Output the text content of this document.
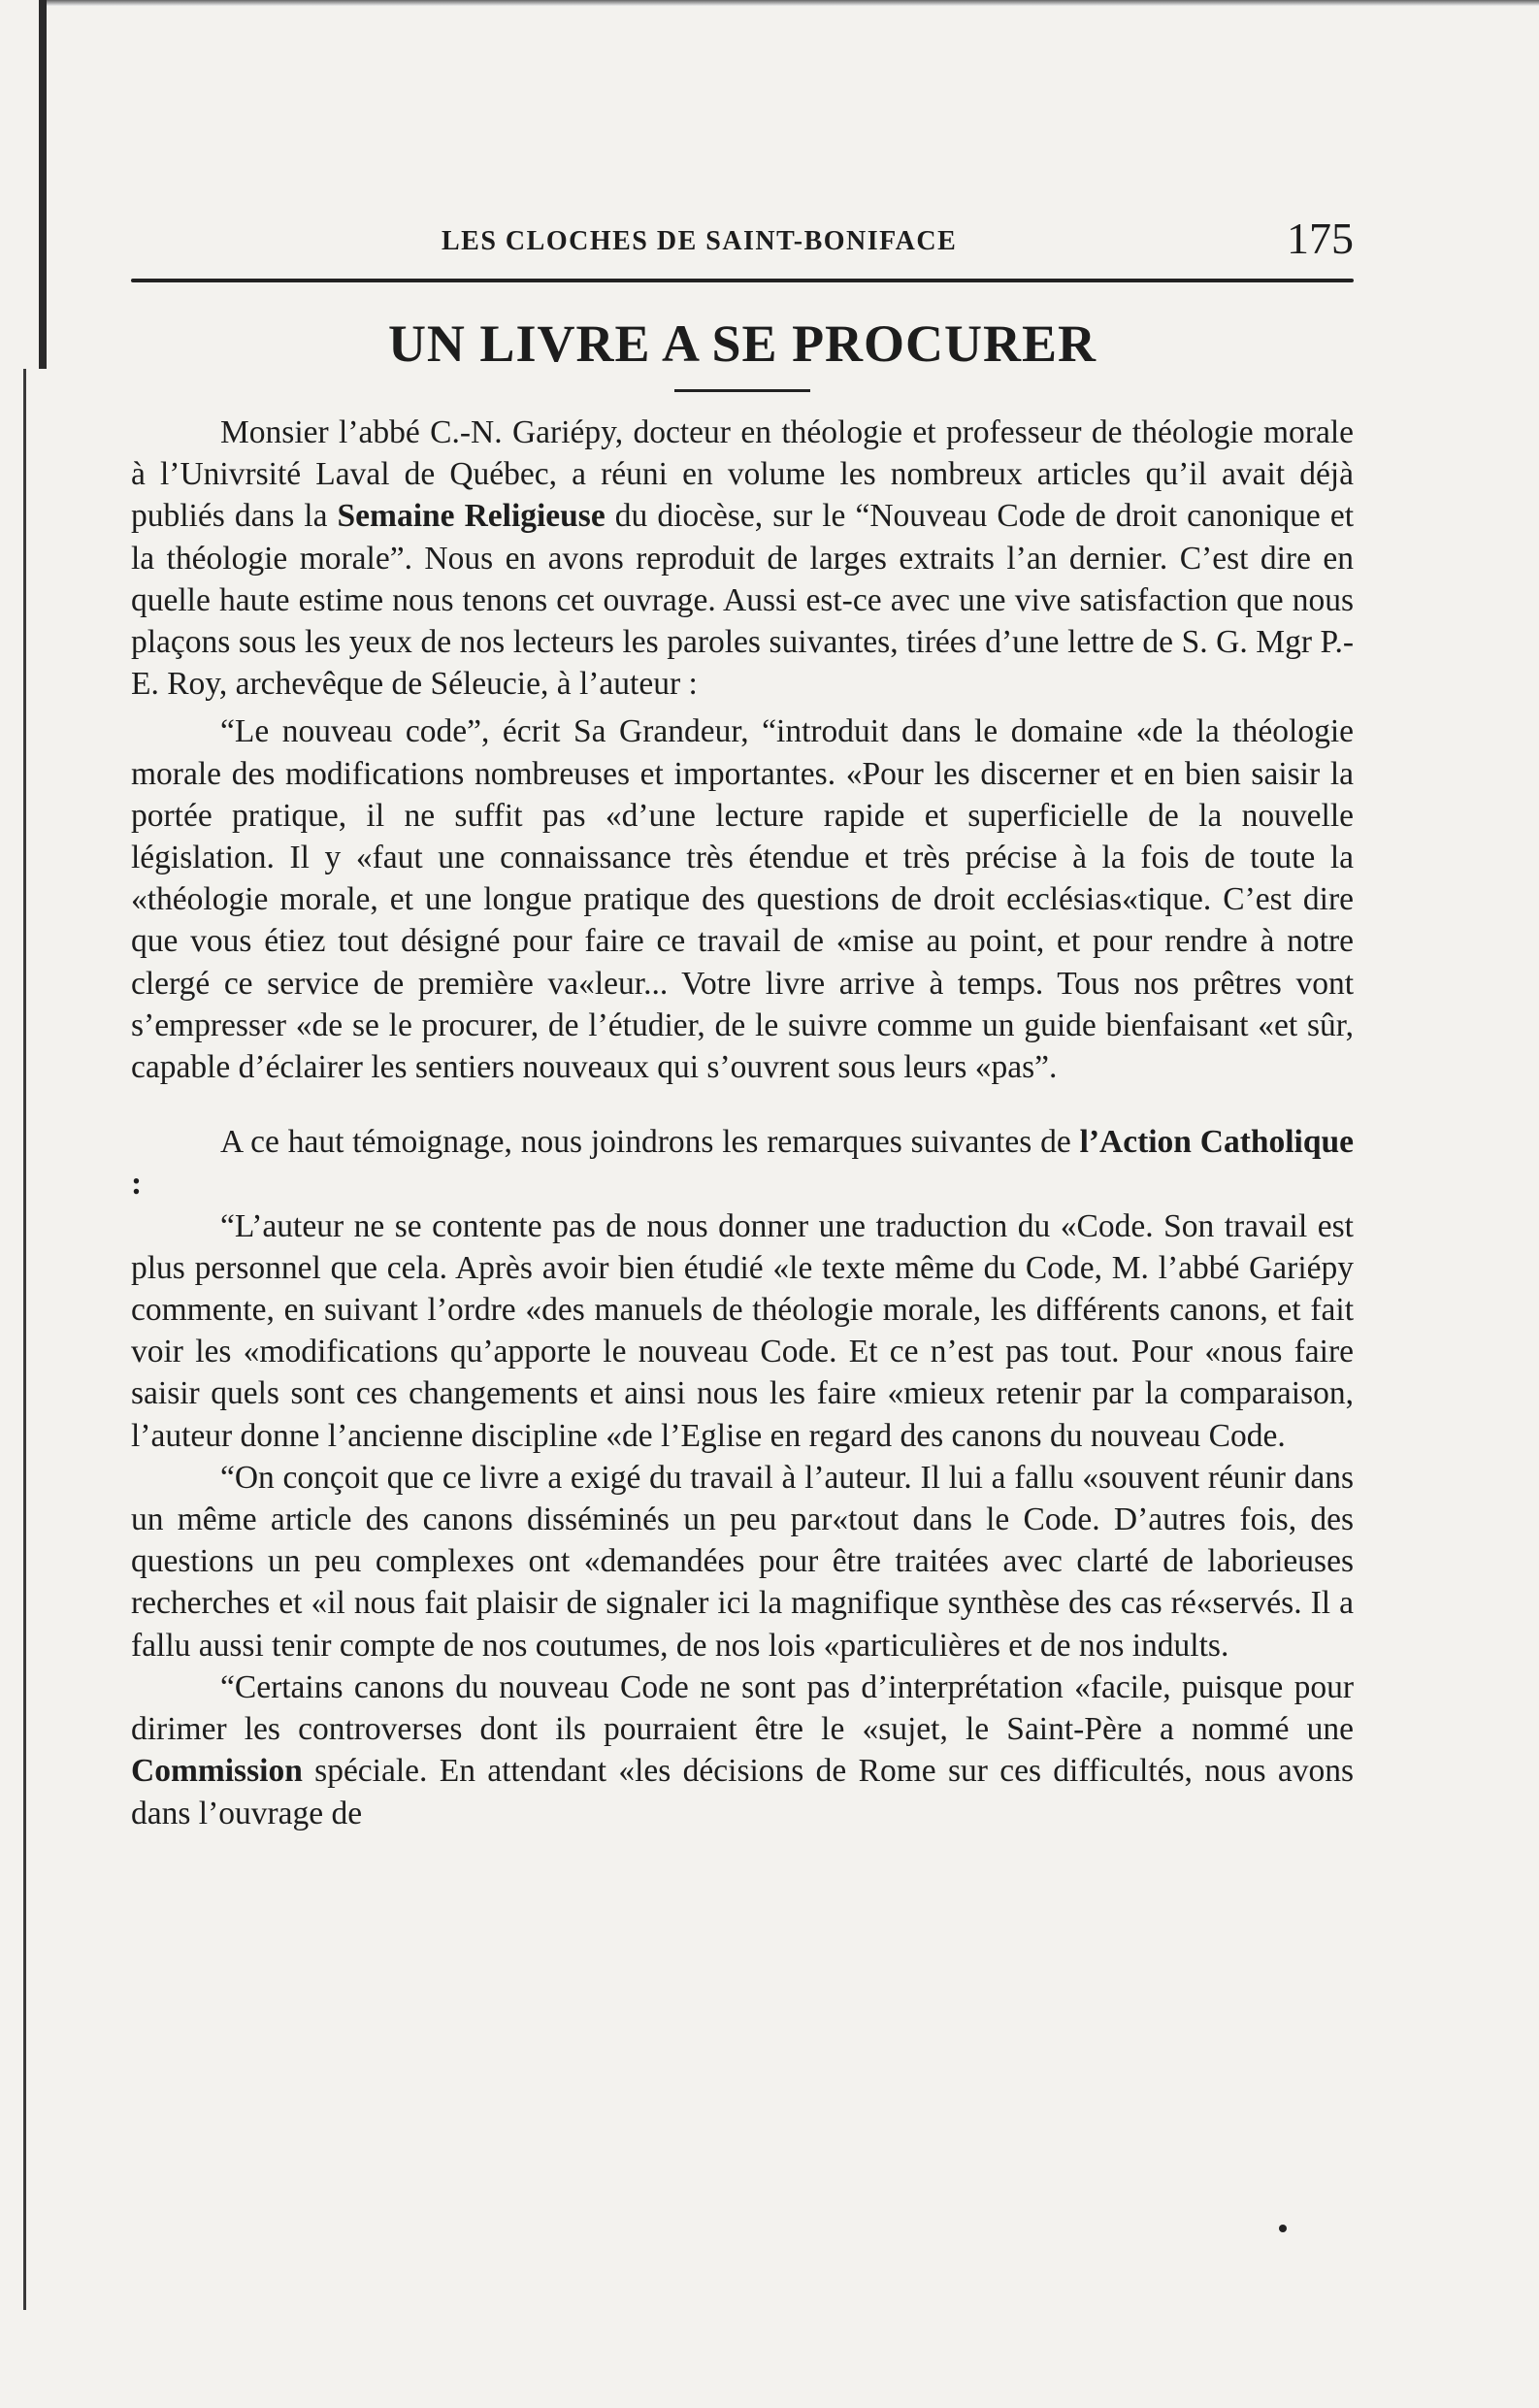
LES CLOCHES DE SAINT-BONIFACE	175
UN LIVRE A SE PROCURER

Monsier l’abbé C.-N. Gariépy, docteur en théologie et professeur de théologie morale à l’Univrsité Laval de Québec, a réuni en volume les nombreux articles qu’il avait déjà publiés dans la Semaine Religieuse du diocèse, sur le “Nouveau Code de droit canonique et la théologie morale”. Nous en avons reproduit de larges extraits l’an dernier. C’est dire en quelle haute estime nous tenons cet ouvrage. Aussi est-ce avec une vive satisfaction que nous plaçons sous les yeux de nos lecteurs les paroles suivantes, tirées d’une lettre de S. G. Mgr P.-E. Roy, archevêque de Séleucie, à l’auteur :

“Le nouveau code”, écrit Sa Grandeur, “introduit dans le domaine «de la théologie morale des modifications nombreuses et importantes. «Pour les discerner et en bien saisir la portée pratique, il ne suffit pas «d’une lecture rapide et superficielle de la nouvelle législation. Il y «faut une connaissance très étendue et très précise à la fois de toute la «théologie morale, et une longue pratique des questions de droit ecclésias«tique. C’est dire que vous étiez tout désigné pour faire ce travail de «mise au point, et pour rendre à notre clergé ce service de première va«leur... Votre livre arrive à temps. Tous nos prêtres vont s’empresser «de se le procurer, de l’étudier, de le suivre comme un guide bienfaisant «et sûr, capable d’éclairer les sentiers nouveaux qui s’ouvrent sous leurs «pas”.

A ce haut témoignage, nous joindrons les remarques suivantes de l’Action Catholique :

“L’auteur ne se contente pas de nous donner une traduction du «Code. Son travail est plus personnel que cela. Après avoir bien étudié «le texte même du Code, M. l’abbé Gariépy commente, en suivant l’ordre «des manuels de théologie morale, les différents canons, et fait voir les «modifications qu’apporte le nouveau Code. Et ce n’est pas tout. Pour «nous faire saisir quels sont ces changements et ainsi nous les faire «mieux retenir par la comparaison, l’auteur donne l’ancienne discipline «de l’Eglise en regard des canons du nouveau Code.

“On conçoit que ce livre a exigé du travail à l’auteur. Il lui a fallu «souvent réunir dans un même article des canons disséminés un peu par«tout dans le Code. D’autres fois, des questions un peu complexes ont «demandées pour être traitées avec clarté de laborieuses recherches et «il nous fait plaisir de signaler ici la magnifique synthèse des cas ré«servés. Il a fallu aussi tenir compte de nos coutumes, de nos lois «particulières et de nos indults.

“Certains canons du nouveau Code ne sont pas d’interprétation «facile, puisque pour dirimer les controverses dont ils pourraient être le «sujet, le Saint-Père a nommé une Commission spéciale. En attendant «les décisions de Rome sur ces difficultés, nous avons dans l’ouvrage de
